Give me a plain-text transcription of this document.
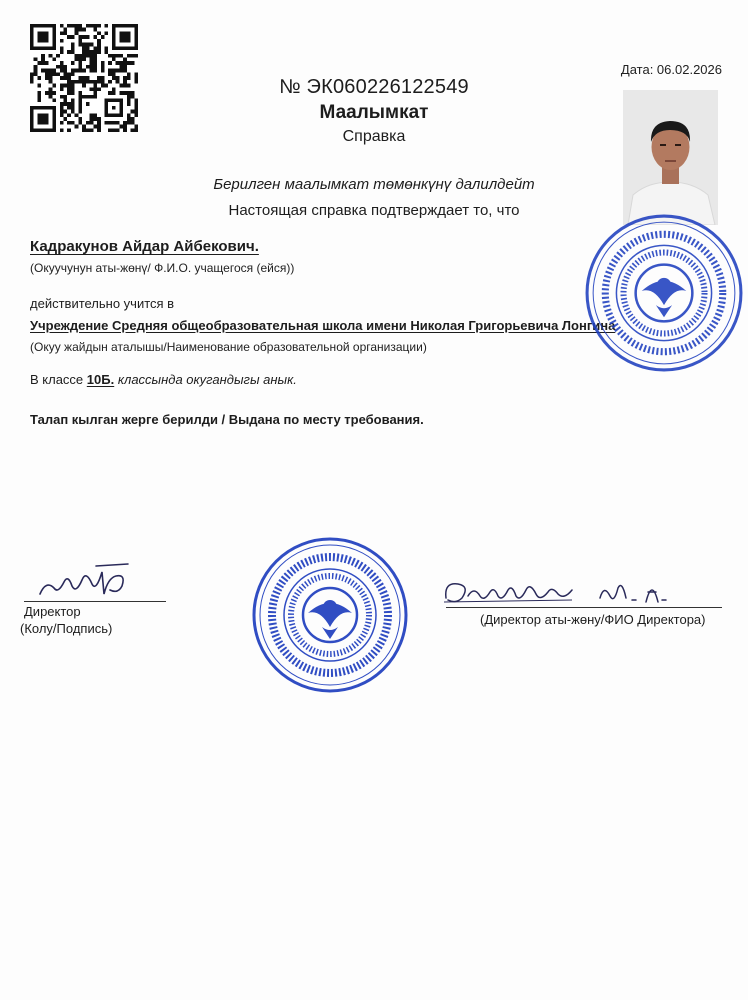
Дата: 06.02.2026
№ ЭК060226122549
Маалымкат
Справка
Берилген маалымкат төмөнкүнү далилдейт
Настоящая справка подтверждает то, что
Кадракунов Айдар Айбекович.
(Окуучунун аты-жөнү/ Ф.И.О. учащегося (ейся))
действительно учится в
Учреждение Средняя общеобразовательная школа имени Николая Григорьевича Лонгина
(Окуу жайдын аталышы/Наименование образовательной организации)
В классе 10Б. классында окугандыгы анык.
Талап кылган жерге берилди / Выдана по месту требования.
Директор
(Колу/Подпись)
(Директор аты-жөну/ФИО Директора)
